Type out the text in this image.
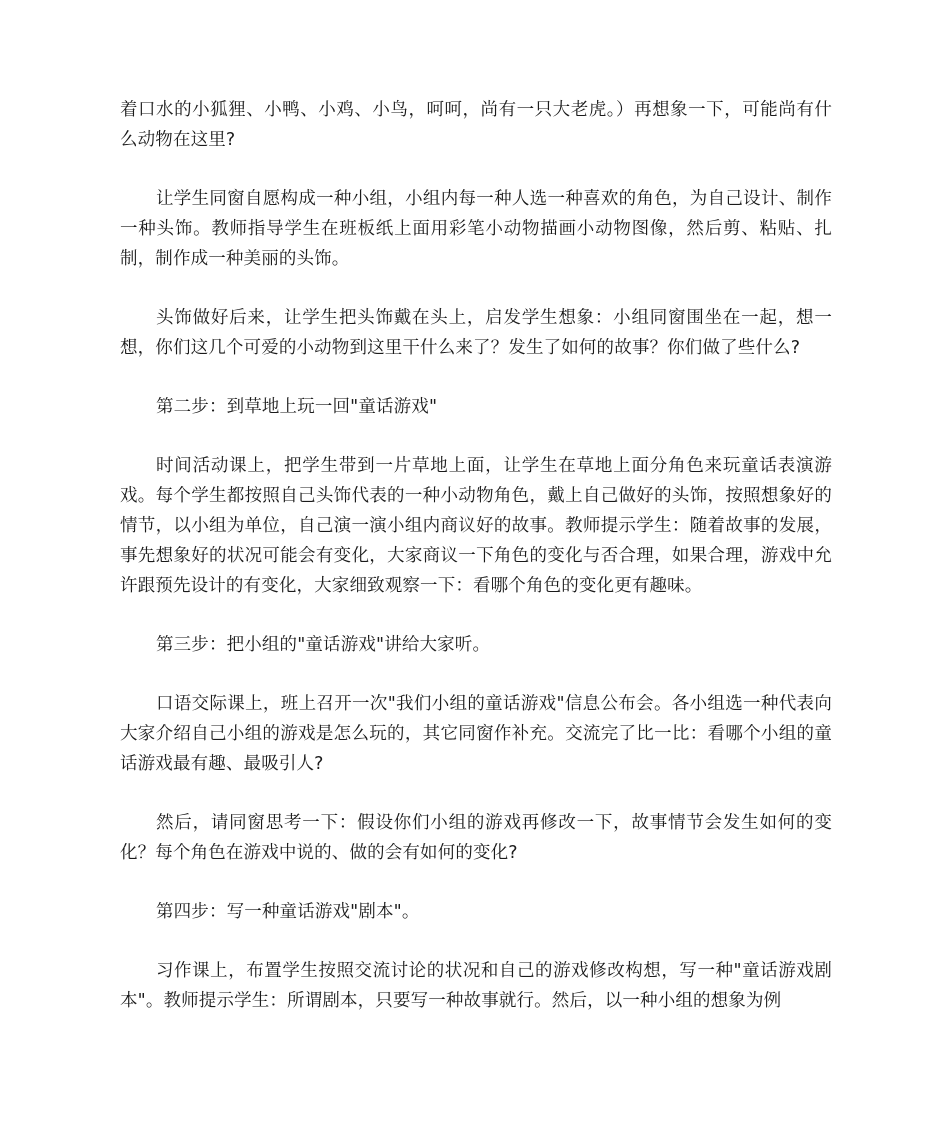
着口水的小狐狸、小鸭、小鸡、小鸟，呵呵，尚有一只大老虎。）再想象一下，可能尚有什么动物在这里?

让学生同窗自愿构成一种小组，小组内每一种人选一种喜欢的角色，为自己设计、制作一种头饰。教师指导学生在班板纸上面用彩笔小动物描画小动物图像，然后剪、粘贴、扎制，制作成一种美丽的头饰。

头饰做好后来，让学生把头饰戴在头上，启发学生想象：小组同窗围坐在一起，想一想，你们这几个可爱的小动物到这里干什么来了？发生了如何的故事？你们做了些什么?

第二步：到草地上玩一回"童话游戏"

时间活动课上，把学生带到一片草地上面，让学生在草地上面分角色来玩童话表演游戏。每个学生都按照自己头饰代表的一种小动物角色，戴上自己做好的头饰，按照想象好的情节，以小组为单位，自己演一演小组内商议好的故事。教师提示学生：随着故事的发展，事先想象好的状况可能会有变化，大家商议一下角色的变化与否合理，如果合理，游戏中允许跟预先设计的有变化，大家细致观察一下：看哪个角色的变化更有趣味。

第三步：把小组的"童话游戏"讲给大家听。

口语交际课上，班上召开一次"我们小组的童话游戏"信息公布会。各小组选一种代表向大家介绍自己小组的游戏是怎么玩的，其它同窗作补充。交流完了比一比：看哪个小组的童话游戏最有趣、最吸引人?

然后，请同窗思考一下：假设你们小组的游戏再修改一下，故事情节会发生如何的变化？每个角色在游戏中说的、做的会有如何的变化?

第四步：写一种童话游戏"剧本"。

习作课上，布置学生按照交流讨论的状况和自己的游戏修改构想，写一种"童话游戏剧本"。教师提示学生：所谓剧本，只要写一种故事就行。然后，以一种小组的想象为例
